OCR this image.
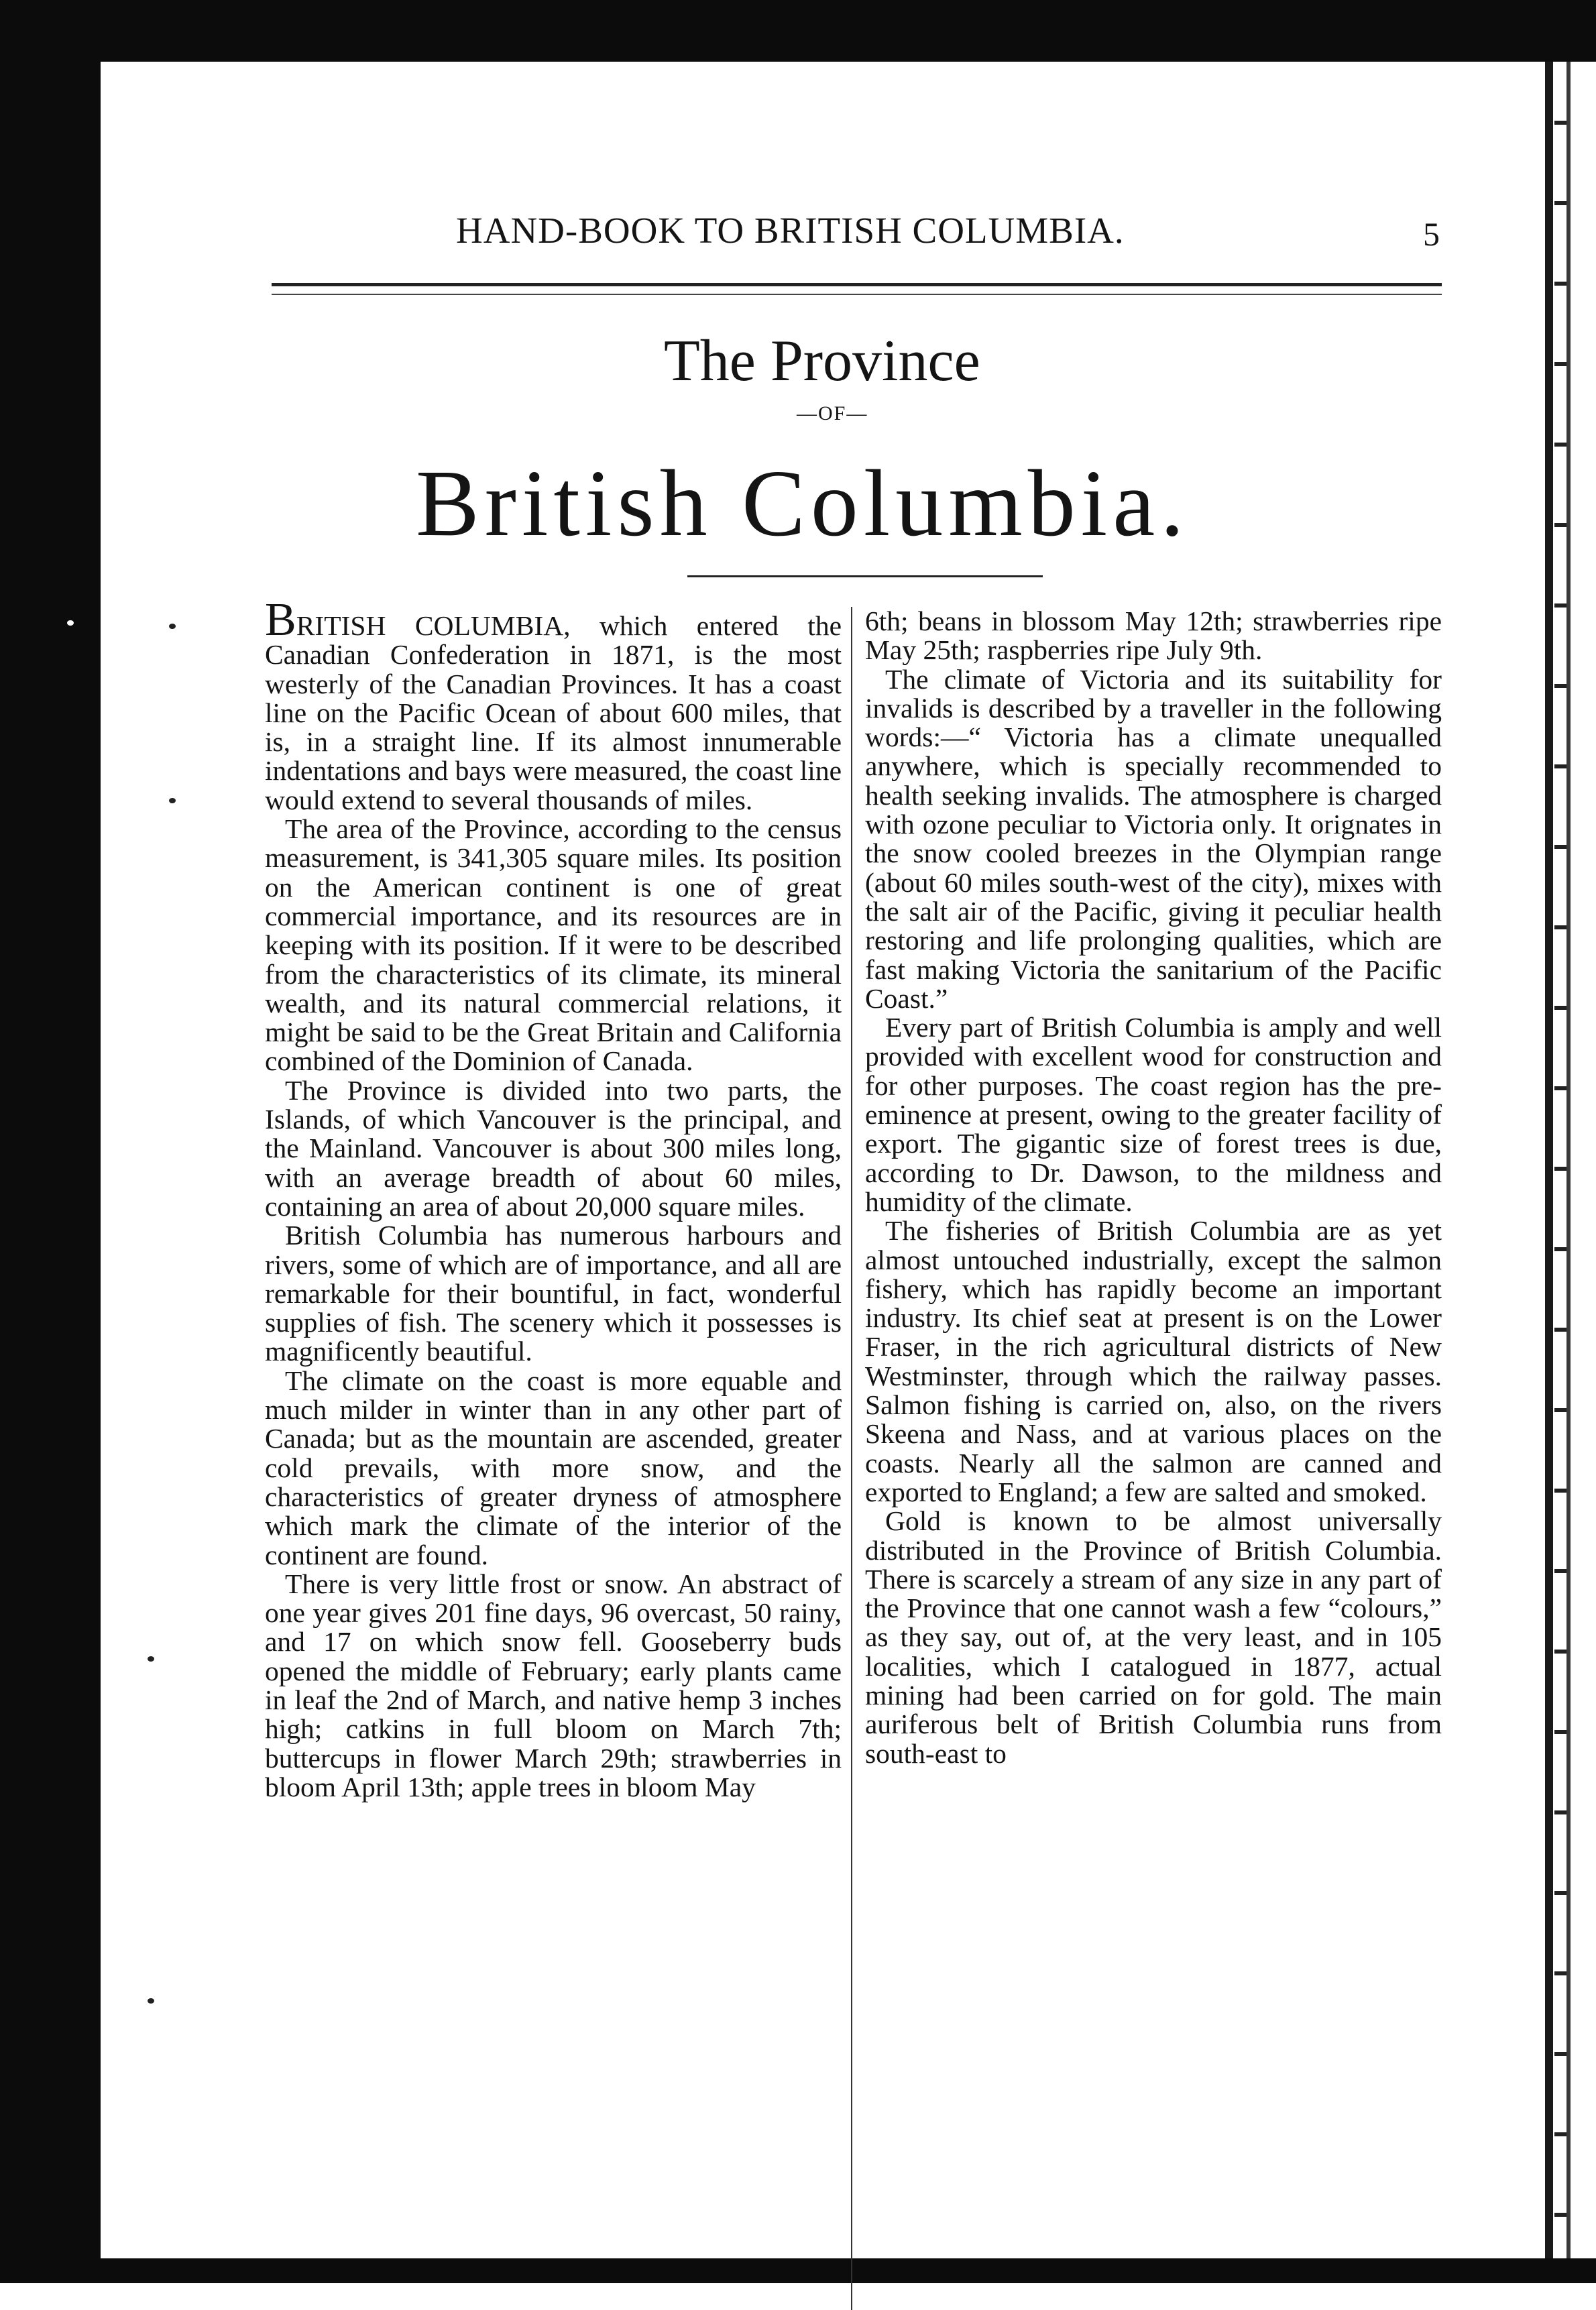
HAND-BOOK TO BRITISH COLUMBIA.	5
The Province
—OF—
British Columbia.

BRITISH COLUMBIA, which entered the Canadian Confederation in 1871, is the most westerly of the Canadian Provinces. It has a coast line on the Pacific Ocean of about 600 miles, that is, in a straight line. If its almost innumerable indentations and bays were measured, the coast line would extend to several thousands of miles.

The area of the Province, according to the census measurement, is 341,305 square miles. Its position on the American continent is one of great commercial importance, and its resources are in keeping with its position. If it were to be described from the characteristics of its climate, its mineral wealth, and its natural commercial relations, it might be said to be the Great Britain and California combined of the Dominion of Canada.

The Province is divided into two parts, the Islands, of which Vancouver is the principal, and the Mainland. Vancouver is about 300 miles long, with an average breadth of about 60 miles, containing an area of about 20,000 square miles.

British Columbia has numerous harbours and rivers, some of which are of importance, and all are remarkable for their bountiful, in fact, wonderful supplies of fish. The scenery which it possesses is magnificently beautiful.

The climate on the coast is more equable and much milder in winter than in any other part of Canada; but as the mountain are ascended, greater cold prevails, with more snow, and the characteristics of greater dryness of atmosphere which mark the climate of the interior of the continent are found.

There is very little frost or snow. An abstract of one year gives 201 fine days, 96 overcast, 50 rainy, and 17 on which snow fell. Gooseberry buds opened the middle of February; early plants came in leaf the 2nd of March, and native hemp 3 inches high; catkins in full bloom on March 7th; buttercups in flower March 29th; strawberries in bloom April 13th; apple trees in bloom May

6th; beans in blossom May 12th; strawberries ripe May 25th; raspberries ripe July 9th.

The climate of Victoria and its suitability for invalids is described by a traveller in the following words:—“ Victoria has a climate unequalled anywhere, which is specially recommended to health seeking invalids. The atmosphere is charged with ozone peculiar to Victoria only. It orignates in the snow cooled breezes in the Olympian range (about 60 miles south-west of the city), mixes with the salt air of the Pacific, giving it peculiar health restoring and life prolonging qualities, which are fast making Victoria the sanitarium of the Pacific Coast.”

Every part of British Columbia is amply and well provided with excellent wood for construction and for other purposes. The coast region has the pre-eminence at present, owing to the greater facility of export. The gigantic size of forest trees is due, according to Dr. Dawson, to the mildness and humidity of the climate.

The fisheries of British Columbia are as yet almost untouched industrially, except the salmon fishery, which has rapidly become an important industry. Its chief seat at present is on the Lower Fraser, in the rich agricultural districts of New Westminster, through which the railway passes. Salmon fishing is carried on, also, on the rivers Skeena and Nass, and at various places on the coasts. Nearly all the salmon are canned and exported to England; a few are salted and smoked.

Gold is known to be almost universally distributed in the Province of British Columbia. There is scarcely a stream of any size in any part of the Province that one cannot wash a few “colours,” as they say, out of, at the very least, and in 105 localities, which I catalogued in 1877, actual mining had been carried on for gold. The main auriferous belt of British Columbia runs from south-east to
